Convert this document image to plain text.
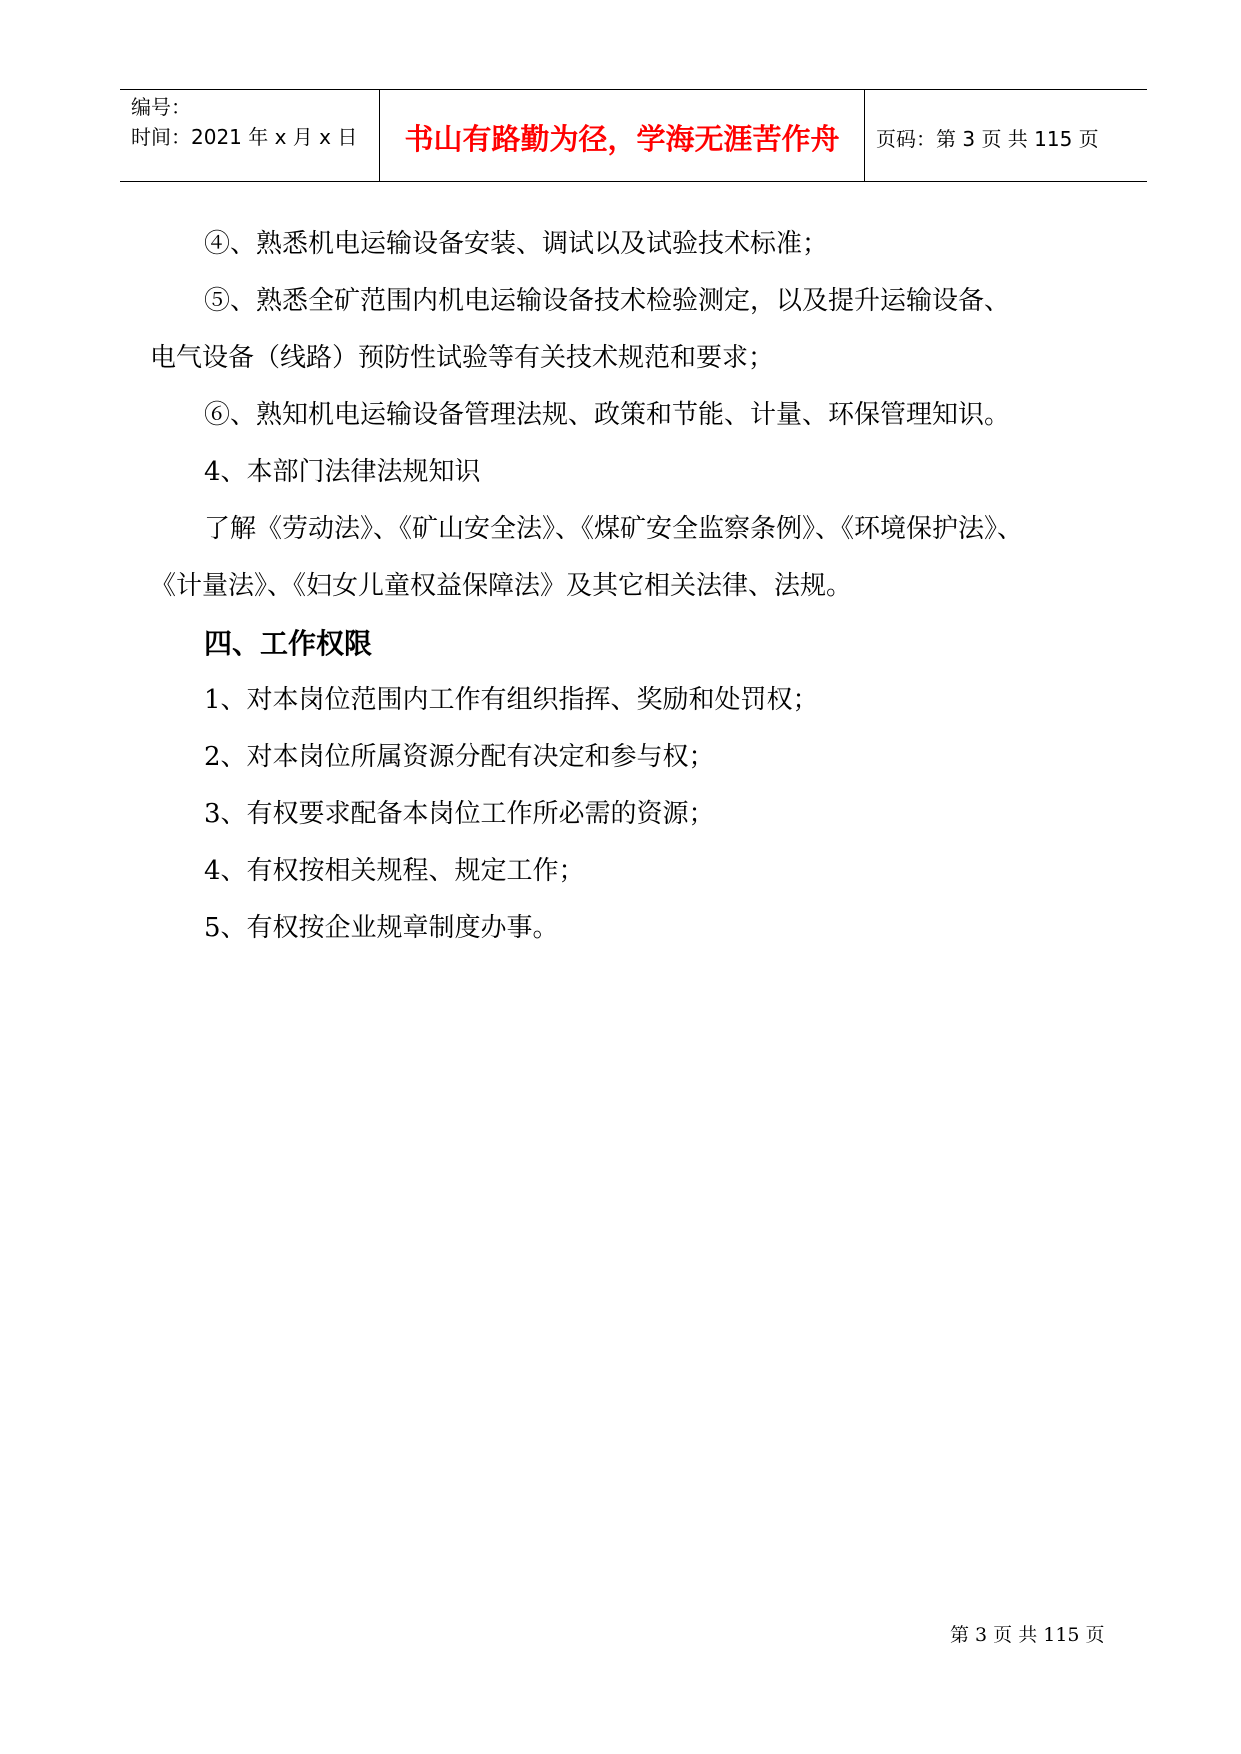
编号：
时间：2021 年 x 月 x 日	书山有路勤为径，学海无涯苦作舟 页码：第 3 页 共 115 页
④、熟悉机电运输设备安装、调试以及试验技术标准；
⑤、熟悉全矿范围内机电运输设备技术检验测定，以及提升运输设备、
电气设备（线路）预防性试验等有关技术规范和要求；
⑥、熟知机电运输设备管理法规、政策和节能、计量、环保管理知识。
4、本部门法律法规知识
了解《劳动法》、《矿山安全法》、《煤矿安全监察条例》、《环境保护法》、
《计量法》、《妇女儿童权益保障法》及其它相关法律、法规。
四、工作权限
1、对本岗位范围内工作有组织指挥、奖励和处罚权；
2、对本岗位所属资源分配有决定和参与权；
3、有权要求配备本岗位工作所必需的资源；
4、有权按相关规程、规定工作；
5、有权按企业规章制度办事。
第 3 页 共 115 页
